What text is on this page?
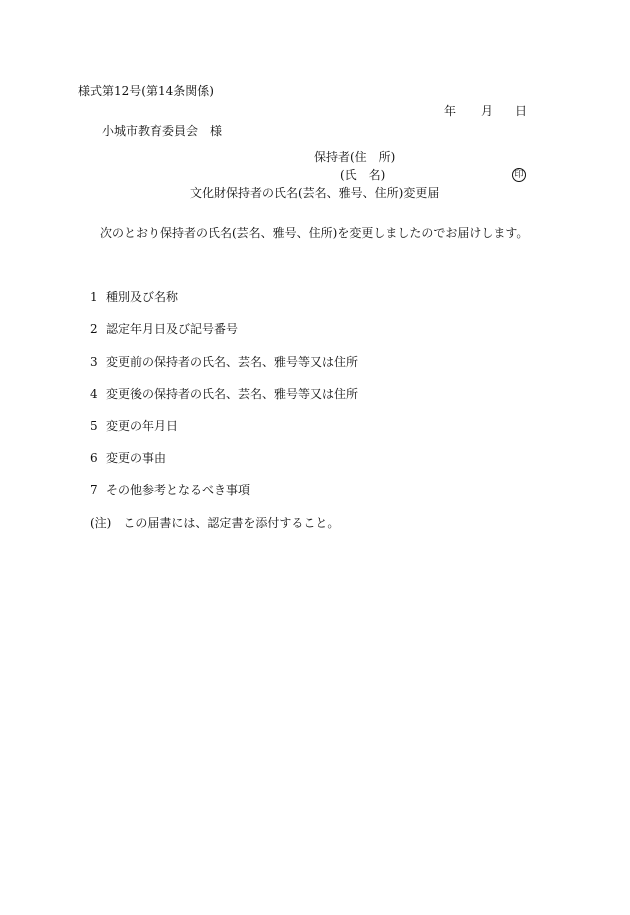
様式第12号(第14条関係)
年 月 日
小城市教育委員会　様
保持者(住　所)
(氏　名)	印
文化財保持者の氏名(芸名、雅号、住所)変更届
次のとおり保持者の氏名(芸名、雅号、住所)を変更しましたのでお届けします。
1 種別及び名称
2 認定年月日及び記号番号
3 変更前の保持者の氏名、芸名、雅号等又は住所
4 変更後の保持者の氏名、芸名、雅号等又は住所
5 変更の年月日
6 変更の事由
7 その他参考となるべき事項
(注)　この届書には、認定書を添付すること。
